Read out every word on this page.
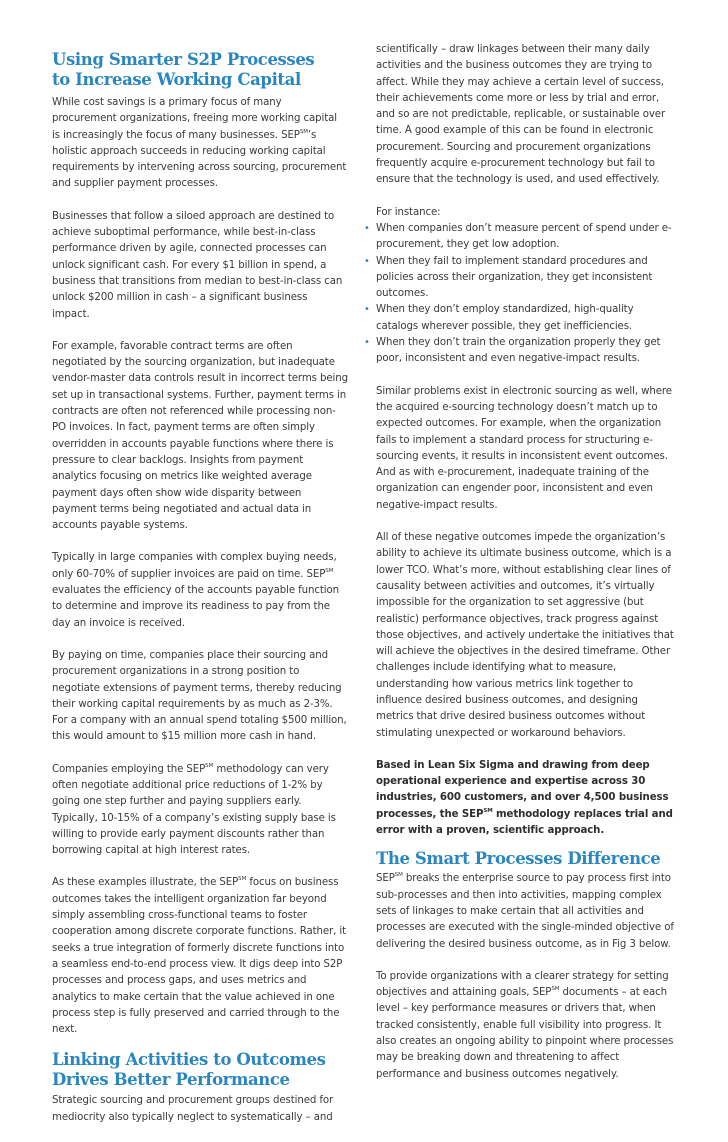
Using Smarter S2P Processes to Increase Working Capital

While cost savings is a primary focus of many procurement organizations, freeing more working capital is increasingly the focus of many businesses. SEP℠’s holistic approach succeeds in reducing working capital requirements by intervening across sourcing, procurement and supplier payment processes.

Businesses that follow a siloed approach are destined to achieve suboptimal performance, while best-in-class performance driven by agile, connected processes can unlock significant cash. For every $1 billion in spend, a business that transitions from median to best-in-class can unlock $200 million in cash – a significant business impact.

For example, favorable contract terms are often negotiated by the sourcing organization, but inadequate vendor-master data controls result in incorrect terms being set up in transactional systems. Further, payment terms in contracts are often not referenced while processing non-PO invoices. In fact, payment terms are often simply overridden in accounts payable functions where there is pressure to clear backlogs. Insights from payment analytics focusing on metrics like weighted average payment days often show wide disparity between payment terms being negotiated and actual data in accounts payable systems.

Typically in large companies with complex buying needs, only 60-70% of supplier invoices are paid on time. SEP℠ evaluates the efficiency of the accounts payable function to determine and improve its readiness to pay from the day an invoice is received.

By paying on time, companies place their sourcing and procurement organizations in a strong position to negotiate extensions of payment terms, thereby reducing their working capital requirements by as much as 2-3%. For a company with an annual spend totaling $500 million, this would amount to $15 million more cash in hand.

Companies employing the SEP℠ methodology can very often negotiate additional price reductions of 1-2% by going one step further and paying suppliers early. Typically, 10-15% of a company’s existing supply base is willing to provide early payment discounts rather than borrowing capital at high interest rates.

As these examples illustrate, the SEP℠ focus on business outcomes takes the intelligent organization far beyond simply assembling cross-functional teams to foster cooperation among discrete corporate functions. Rather, it seeks a true integration of formerly discrete functions into a seamless end-to-end process view. It digs deep into S2P processes and process gaps, and uses metrics and analytics to make certain that the value achieved in one process step is fully preserved and carried through to the next.

Linking Activities to Outcomes Drives Better Performance

Strategic sourcing and procurement groups destined for mediocrity also typically neglect to systematically – and

scientifically – draw linkages between their many daily activities and the business outcomes they are trying to affect. While they may achieve a certain level of success, their achievements come more or less by trial and error, and so are not predictable, replicable, or sustainable over time. A good example of this can be found in electronic procurement. Sourcing and procurement organizations frequently acquire e-procurement technology but fail to ensure that the technology is used, and used effectively.

For instance:

• When companies don’t measure percent of spend under e-procurement, they get low adoption.
• When they fail to implement standard procedures and policies across their organization, they get inconsistent outcomes.
• When they don’t employ standardized, high-quality catalogs wherever possible, they get inefficiencies.
• When they don’t train the organization properly they get poor, inconsistent and even negative-impact results.

Similar problems exist in electronic sourcing as well, where the acquired e-sourcing technology doesn’t match up to expected outcomes. For example, when the organization fails to implement a standard process for structuring e-sourcing events, it results in inconsistent event outcomes. And as with e-procurement, inadequate training of the organization can engender poor, inconsistent and even negative-impact results.

All of these negative outcomes impede the organization’s ability to achieve its ultimate business outcome, which is a lower TCO. What’s more, without establishing clear lines of causality between activities and outcomes, it’s virtually impossible for the organization to set aggressive (but realistic) performance objectives, track progress against those objectives, and actively undertake the initiatives that will achieve the objectives in the desired timeframe. Other challenges include identifying what to measure, understanding how various metrics link together to influence desired business outcomes, and designing metrics that drive desired business outcomes without stimulating unexpected or workaround behaviors.

Based in Lean Six Sigma and drawing from deep operational experience and expertise across 30 industries, 600 customers, and over 4,500 business processes, the SEP℠ methodology replaces trial and error with a proven, scientific approach.

The Smart Processes Difference

SEP℠ breaks the enterprise source to pay process first into sub-processes and then into activities, mapping complex sets of linkages to make certain that all activities and processes are executed with the single-minded objective of delivering the desired business outcome, as in Fig 3 below.

To provide organizations with a clearer strategy for setting objectives and attaining goals, SEP℠ documents – at each level – key performance measures or drivers that, when tracked consistently, enable full visibility into progress. It also creates an ongoing ability to pinpoint where processes may be breaking down and threatening to affect performance and business outcomes negatively.
